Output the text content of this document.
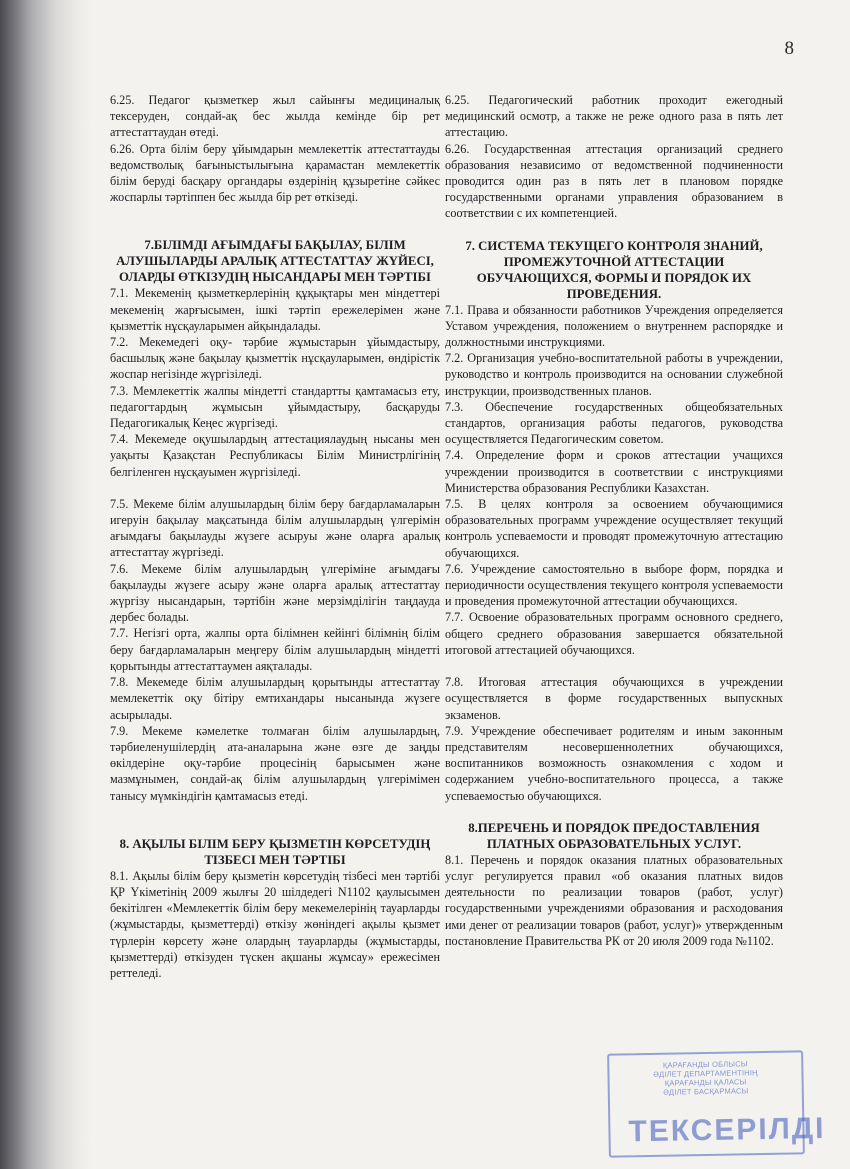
8

6.25. Педагог қызметкер жыл сайынғы медициналық тексеруден, сондай-ақ бес жылда кемінде бір рет аттестаттаудан өтеді.

6.26. Орта білім беру ұйымдарын мемлекеттік аттестаттауды ведомстволық бағыныстылығына қарамастан мемлекеттік білім беруді басқару органдары өздерінің құзыретіне сәйкес жоспарлы тәртіппен бес жылда бір рет өткізеді.

7.БІЛІМДІ АҒЫМДАҒЫ БАҚЫЛАУ, БІЛІМ АЛУШЫЛАРДЫ АРАЛЫҚ АТТЕСТАТТАУ ЖҮЙЕСІ, ОЛАРДЫ ӨТКІЗУДІҢ НЫСАНДАРЫ МЕН ТӘРТІБІ

7.1. Мекеменің қызметкерлерінің құқықтары мен міндеттері мекеменің жарғысымен, ішкі тәртіп ережелерімен және қызметтік нұсқауларымен айқындалады.

7.2. Мекемедегі оқу- тәрбие жұмыстарын ұйымдастыру, басшылық және бақылау қызметтік нұсқауларымен, өндірістік жоспар негізінде жүргізіледі.

7.3. Мемлекеттік жалпы міндетті стандартты қамтамасыз ету, педагогтардың жұмысын ұйымдастыру, басқаруды Педагогикалық Кеңес жүргізеді.

7.4. Мекемеде оқушылардың аттестациялаудың нысаны мен уақыты Қазақстан Республикасы Білім Министрлігінің белгіленген нұсқауымен жүргізіледі.

7.5. Мекеме білім алушылардың білім беру бағдарламаларын игеруін бақылау мақсатында білім алушылардың үлгерімін ағымдағы бақылауды жүзеге асыруы және оларға аралық аттестаттау жүргізеді.

7.6. Мекеме білім алушылардың үлгеріміне ағымдағы бақылауды жүзеге асыру және оларға аралық аттестаттау жүргізу нысандарын, тәртібін және мерзімділігін таңдауда дербес болады.

7.7. Негізгі орта, жалпы орта білімнен кейінгі білімнің білім беру бағдарламаларын меңгеру білім алушылардың міндетті қорытынды аттестаттаумен аяқталады.

7.8. Мекемеде білім алушылардың қорытынды аттестаттау мемлекеттік оқу бітіру емтихандары нысанында жүзеге асырылады.

7.9. Мекеме кәмелетке толмаған білім алушылардың, тәрбиеленушілердің ата-аналарына және өзге де заңды өкілдеріне оқу-тәрбие процесінің барысымен және мазмұнымен, сондай-ақ білім алушылардың үлгерімімен танысу мүмкіндігін қамтамасыз етеді.

8. АҚЫЛЫ БІЛІМ БЕРУ ҚЫЗМЕТІН КӨРСЕТУДІҢ ТІЗБЕСІ МЕН ТӘРТІБІ

8.1. Ақылы білім беру қызметін көрсетудің тізбесі мен тәртібі ҚР Үкіметінің 2009 жылғы 20 шілдедегі N1102 қаулысымен бекітілген «Мемлекеттік білім беру мекемелерінің тауарларды (жұмыстарды, қызметтерді) өткізу жөніндегі ақылы қызмет түрлерін көрсету және олардың тауарларды (жұмыстарды, қызметтерді) өткізуден түскен ақшаны жұмсау» ережесімен реттеледі.

6.25. Педагогический работник проходит ежегодный медицинский осмотр, а также не реже одного раза в пять лет аттестацию.

6.26. Государственная аттестация организаций среднего образования независимо от ведомственной подчиненности проводится один раз в пять лет в плановом порядке государственными органами управления образованием в соответствии с их компетенцией.

7. СИСТЕМА ТЕКУЩЕГО КОНТРОЛЯ ЗНАНИЙ, ПРОМЕЖУТОЧНОЙ АТТЕСТАЦИИ ОБУЧАЮЩИХСЯ, ФОРМЫ И ПОРЯДОК ИХ ПРОВЕДЕНИЯ.

7.1. Права и обязанности работников Учреждения определяется Уставом учреждения, положением о внутреннем распорядке и должностными инструкциями.

7.2. Организация учебно-воспитательной работы в учреждении, руководство и контроль производится на основании служебной инструкции, производственных планов.

7.3. Обеспечение государственных общеобязательных стандартов, организация работы педагогов, руководства осуществляется Педагогическим советом.

7.4. Определение форм и сроков аттестации учащихся учреждении производится в соответствии с инструкциями Министерства образования Республики Казахстан.

7.5. В целях контроля за освоением обучающимися образовательных программ учреждение осуществляет текущий контроль успеваемости и проводят промежуточную аттестацию обучающихся.

7.6. Учреждение самостоятельно в выборе форм, порядка и периодичности осуществления текущего контроля успеваемости и проведения промежуточной аттестации обучающихся.

7.7. Освоение образовательных программ основного среднего, общего среднего образования завершается обязательной итоговой аттестацией обучающихся.

7.8. Итоговая аттестация обучающихся в учреждении осуществляется в форме государственных выпускных экзаменов.

7.9. Учреждение обеспечивает родителям и иным законным представителям несовершеннолетних обучающихся, воспитанников возможность ознакомления с ходом и содержанием учебно-воспитательного процесса, а также успеваемостью обучающихся.

8.ПЕРЕЧЕНЬ И ПОРЯДОК ПРЕДОСТАВЛЕНИЯ ПЛАТНЫХ ОБРАЗОВАТЕЛЬНЫХ УСЛУГ.

8.1. Перечень и порядок оказания платных образовательных услуг регулируется правил «об оказания платных видов деятельности по реализации товаров (работ, услуг) государственными учреждениями образования и расходования ими денег от реализации товаров (работ, услуг)» утвержденным постановление Правительства РК от 20 июля 2009 года №1102.

ҚАРАҒАНДЫ ОБЛЫСЫ
ӘДІЛЕТ ДЕПАРТАМЕНТІНІҢ
ҚАРАҒАНДЫ ҚАЛАСЫ
ӘДІЛЕТ БАСҚАРМАСЫ
ТЕКСЕРІЛДІ
